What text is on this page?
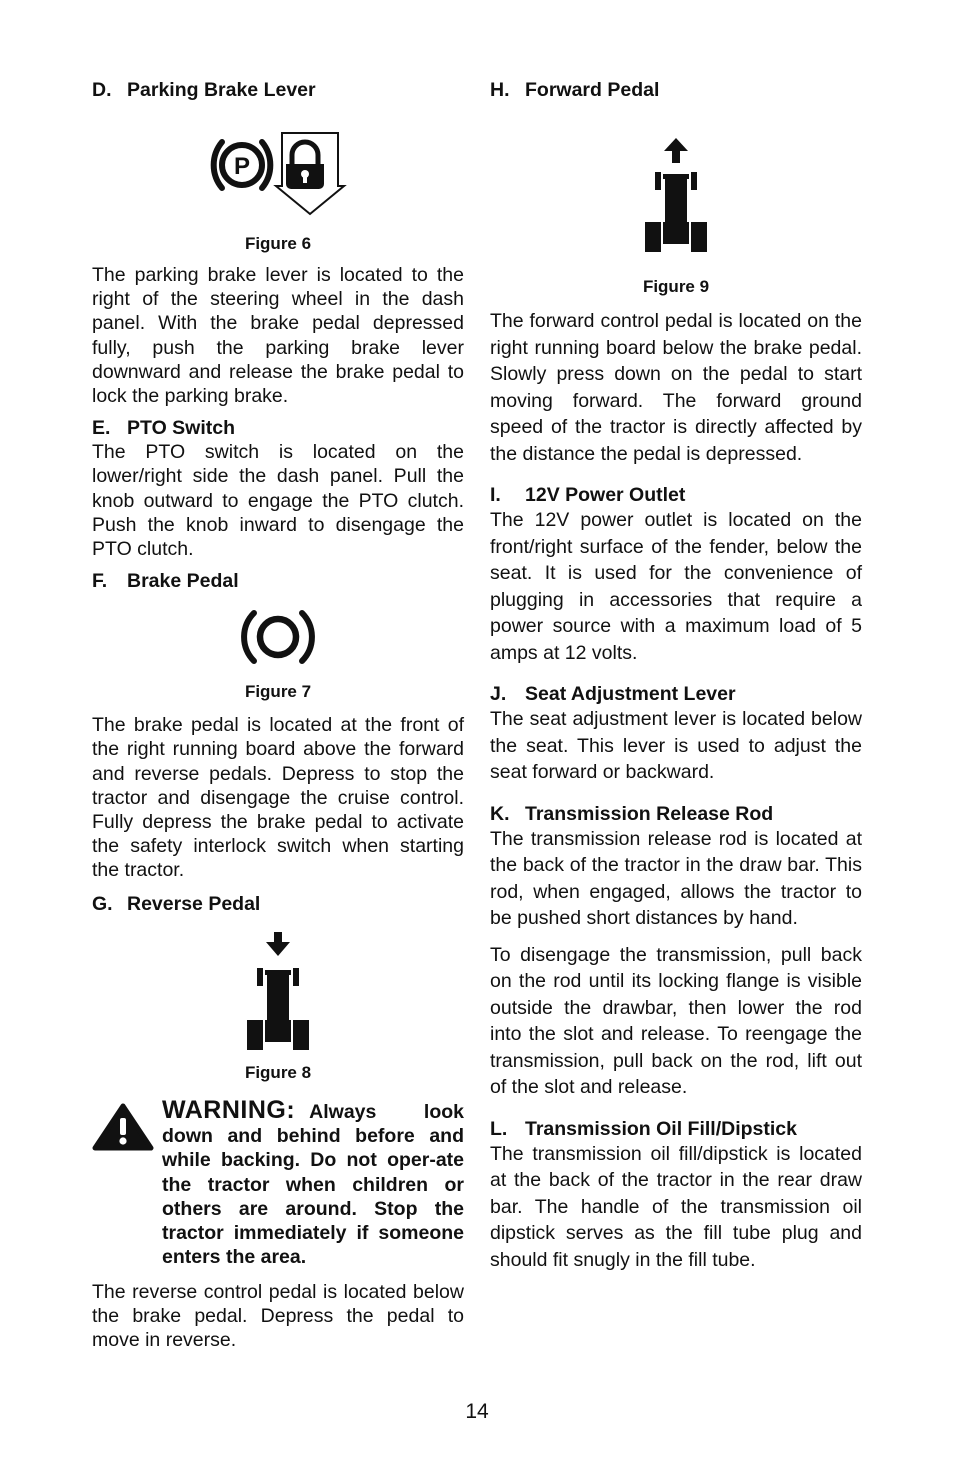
D. Parking Brake Lever
P

Figure 6

The parking brake lever is located to the right of the steering wheel in the dash panel. With the brake pedal depressed fully, push the parking brake lever downward and release the brake pedal to lock the parking brake.

E. PTO Switch

The PTO switch is located on the lower/right side the dash panel. Pull the knob outward to engage the PTO clutch. Push the knob inward to disengage the PTO clutch.

F. Brake Pedal

Figure 7

The brake pedal is located at the front of the right running board above the forward and reverse pedals. Depress to stop the tractor and disengage the cruise control. Fully depress the brake pedal to activate the safety interlock switch when starting the tractor.

G. Reverse Pedal

Figure 8

WARNING: Always look down and behind before and while backing. Do not oper-ate the tractor when children or others are around. Stop the tractor immediately if someone enters the area.

The reverse control pedal is located below the brake pedal. Depress the pedal to move in reverse.

H. Forward Pedal

Figure 9

The forward control pedal is located on the right running board below the brake pedal. Slowly press down on the pedal to start moving forward. The forward ground speed of the tractor is directly affected by the distance the pedal is depressed.

I. 12V Power Outlet

The 12V power outlet is located on the front/right surface of the fender, below the seat. It is used for the convenience of plugging in accessories that require a power source with a maximum load of 5 amps at 12 volts.

J. Seat Adjustment Lever

The seat adjustment lever is located below the seat. This lever is used to adjust the seat forward or backward.

K. Transmission Release Rod

The transmission release rod is located at the back of the tractor in the draw bar. This rod, when engaged, allows the tractor to be pushed short distances by hand.

To disengage the transmission, pull back on the rod until its locking flange is visible outside the drawbar, then lower the rod into the slot and release. To reengage the transmission, pull back on the rod, lift out of the slot and release.

L. Transmission Oil Fill/Dipstick

The transmission oil fill/dipstick is located at the back of the tractor in the rear draw bar. The handle of the transmission oil dipstick serves as the fill tube plug and should fit snugly in the fill tube.

14
